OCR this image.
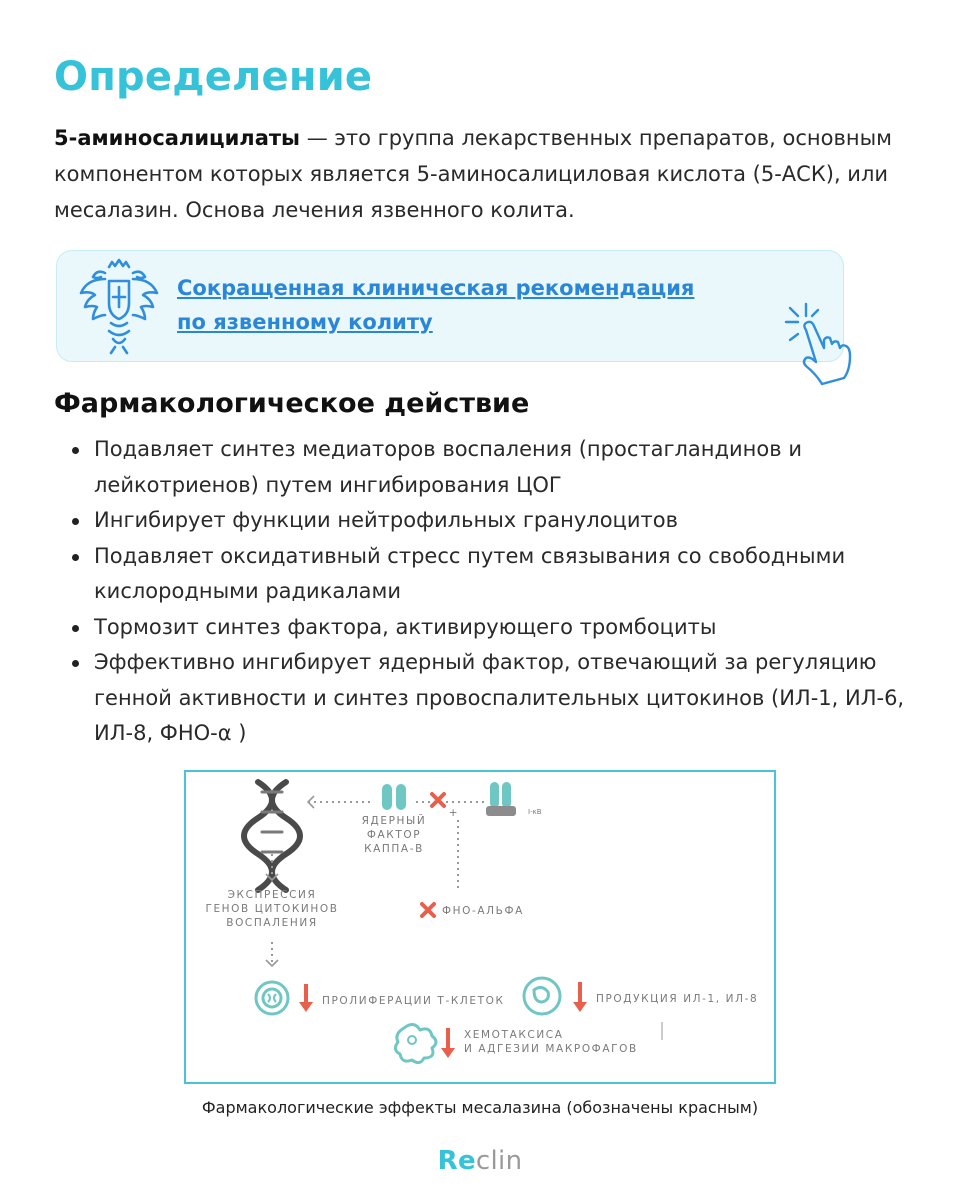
Определение

5-аминосалицилаты — это группа лекарственных препаратов, основным компонентом которых является 5-аминосалициловая кислота (5-АСК), или месалазин. Основа лечения язвенного колита.

Сокращенная клиническая рекомендация
по язвенному колиту
Фармакологическое действие
Подавляет синтез медиаторов воспаления (простагландинов и лейкотриенов) путем ингибирования ЦОГ
Ингибирует функции нейтрофильных гранулоцитов
Подавляет оксидативный стресс путем связывания со свободными кислородными радикалами
Тормозит синтез фактора, активирующего тромбоциты
Эффективно ингибирует ядерный фактор, отвечающий за регуляцию генной активности и синтез провоспалительных цитокинов (ИЛ-1, ИЛ-6, ИЛ-8, ФНО-α )
ЯДЕРНЫЙ
ФАКТОР
КАППА-В
I-κB
+
ЭКСПРЕССИЯ
ГЕНОВ ЦИТОКИНОВ
ВОСПАЛЕНИЯ
ФНО-АЛЬФА
ПРОЛИФЕРАЦИИ Т-КЛЕТОК	ПРОДУКЦИЯ ИЛ-1, ИЛ-8
ХЕМОТАКСИСА
И АДГЕЗИИ МАКРОФАГОВ
Фармакологические эффекты месалазина (обозначены красным)
Reclin
